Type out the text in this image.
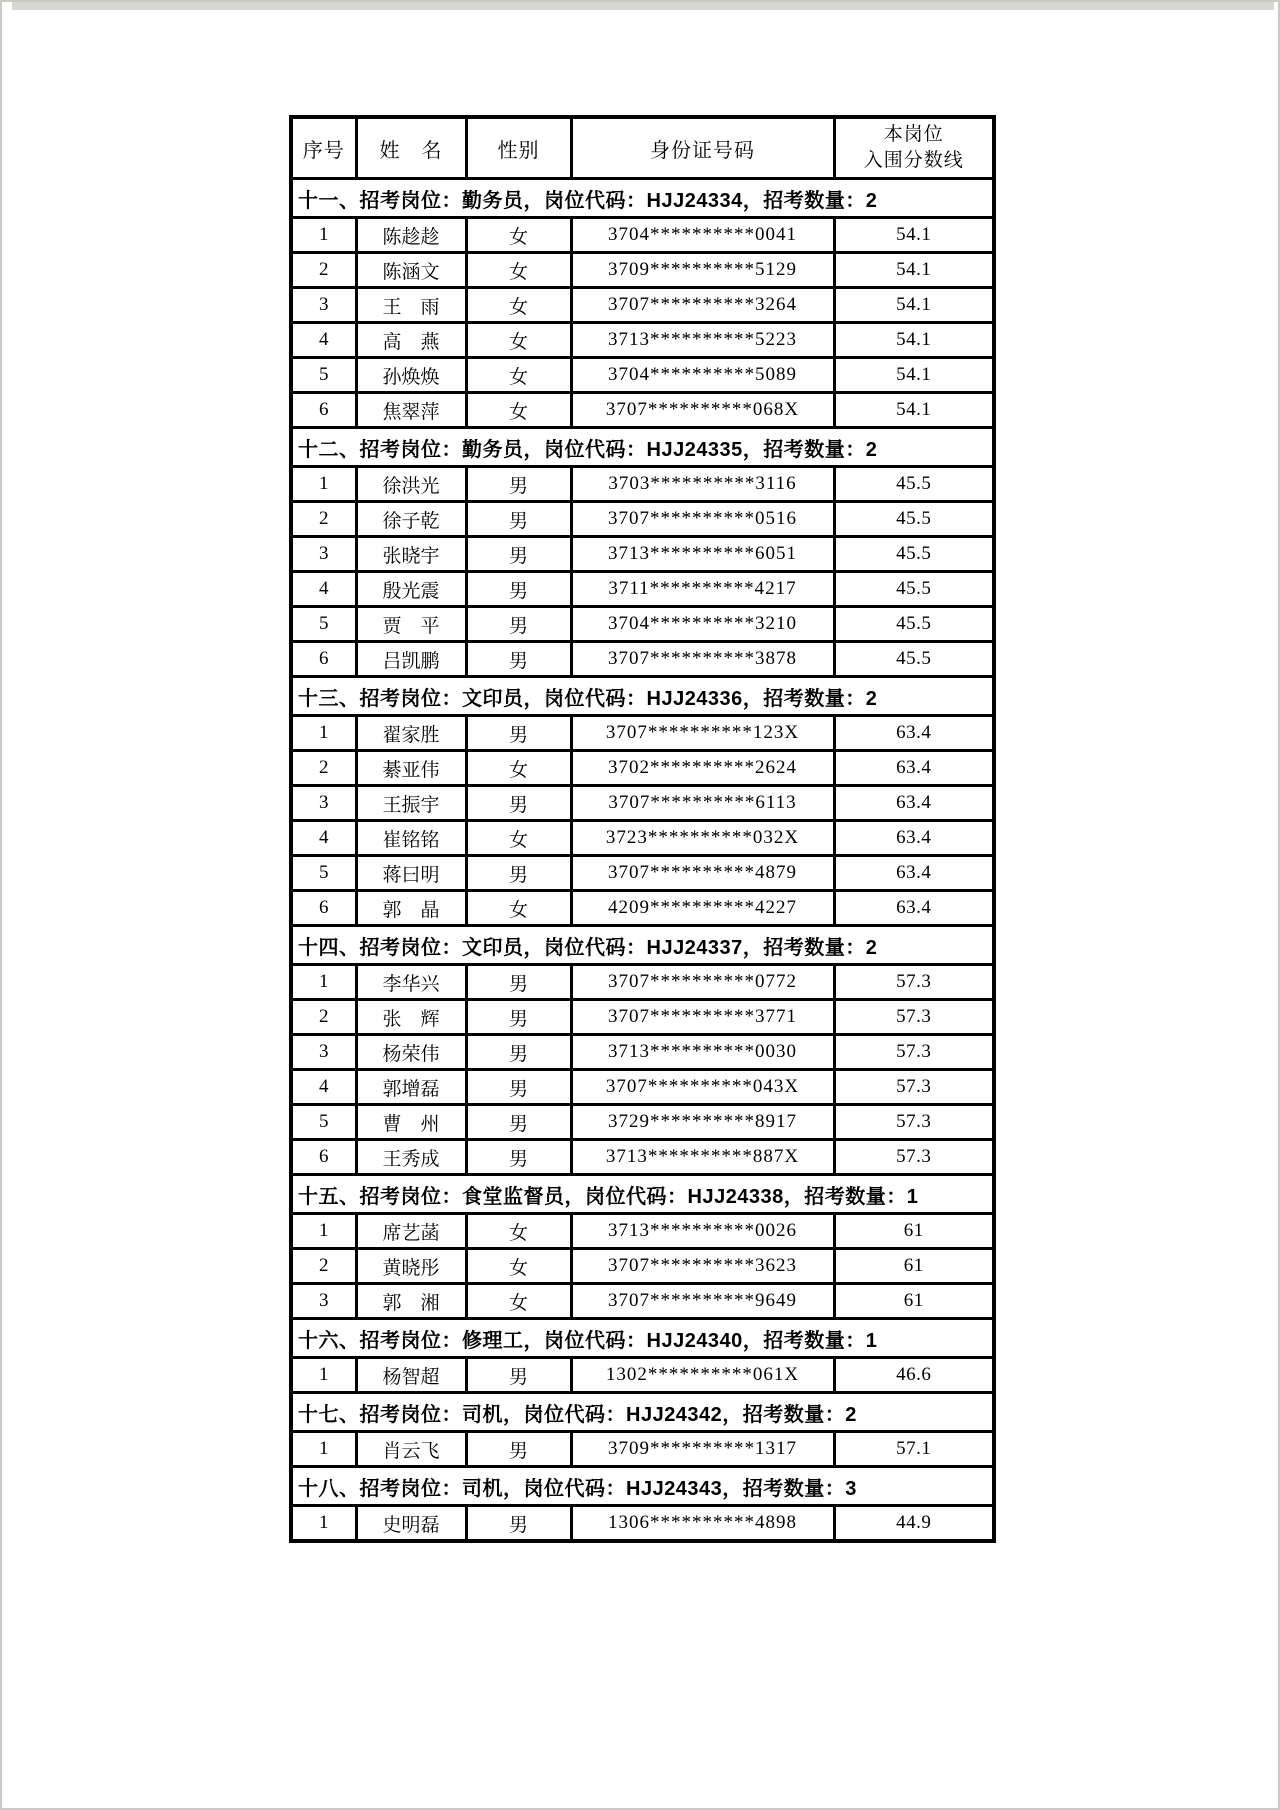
序号	姓　名	性别	身份证号码	本岗位
入围分数线

十一、招考岗位：勤务员，岗位代码：HJJ24334，招考数量：2				
1	陈趁趁	女	3704**********0041	54.1
2	陈涵文	女	3709**********5129	54.1
3	王　雨	女	3707**********3264	54.1
4	高　燕	女	3713**********5223	54.1
5	孙焕焕	女	3704**********5089	54.1
6	焦翠萍	女	3707**********068X	54.1
十二、招考岗位：勤务员，岗位代码：HJJ24335，招考数量：2				
1	徐洪光	男	3703**********3116	45.5
2	徐子乾	男	3707**********0516	45.5
3	张晓宇	男	3713**********6051	45.5
4	殷光震	男	3711**********4217	45.5
5	贾　平	男	3704**********3210	45.5
6	吕凯鹏	男	3707**********3878	45.5
十三、招考岗位：文印员，岗位代码：HJJ24336，招考数量：2				
1	翟家胜	男	3707**********123X	63.4
2	綦亚伟	女	3702**********2624	63.4
3	王振宇	男	3707**********6113	63.4
4	崔铭铭	女	3723**********032X	63.4
5	蒋曰明	男	3707**********4879	63.4
6	郭　晶	女	4209**********4227	63.4
十四、招考岗位：文印员，岗位代码：HJJ24337，招考数量：2				
1	李华兴	男	3707**********0772	57.3
2	张　辉	男	3707**********3771	57.3
3	杨荣伟	男	3713**********0030	57.3
4	郭增磊	男	3707**********043X	57.3
5	曹　州	男	3729**********8917	57.3
6	王秀成	男	3713**********887X	57.3
十五、招考岗位：食堂监督员，岗位代码：HJJ24338，招考数量：1				
1	席艺菡	女	3713**********0026	61
2	黄晓彤	女	3707**********3623	61
3	郭　湘	女	3707**********9649	61
十六、招考岗位：修理工，岗位代码：HJJ24340，招考数量：1				
1	杨智超	男	1302**********061X	46.6
十七、招考岗位：司机，岗位代码：HJJ24342，招考数量：2				
1	肖云飞	男	3709**********1317	57.1
十八、招考岗位：司机，岗位代码：HJJ24343，招考数量：3				
1	史明磊	男	1306**********4898	44.9
